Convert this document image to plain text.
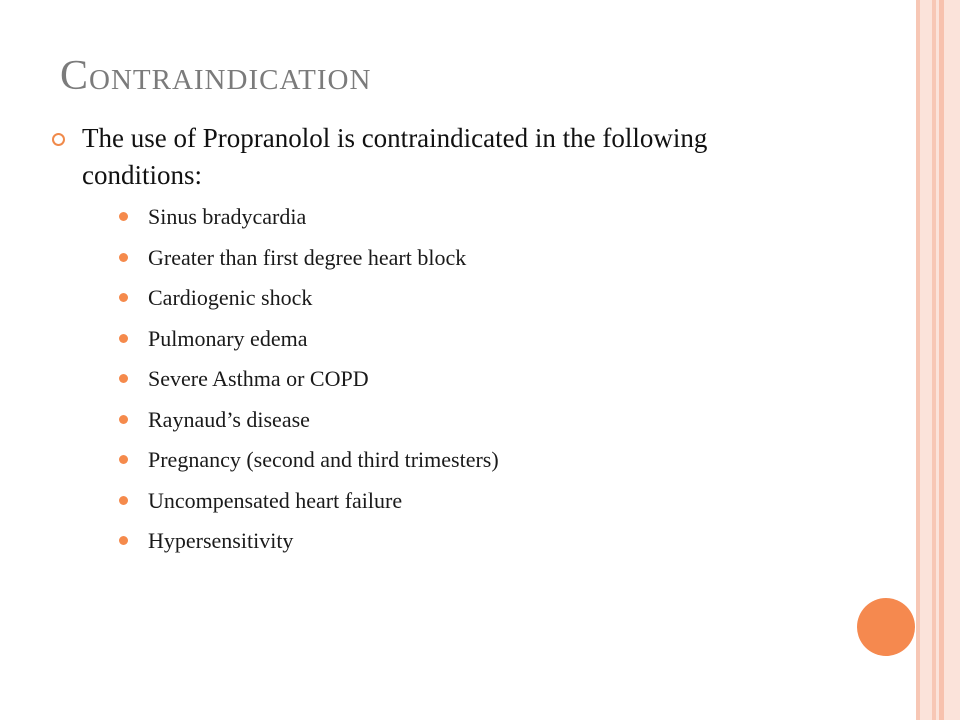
Contraindication
The use of Propranolol is contraindicated in the following conditions:
Sinus bradycardia
Greater than first degree heart block
Cardiogenic shock
Pulmonary edema
Severe Asthma or COPD
Raynaud’s disease
Pregnancy (second and third trimesters)
Uncompensated heart failure
Hypersensitivity
